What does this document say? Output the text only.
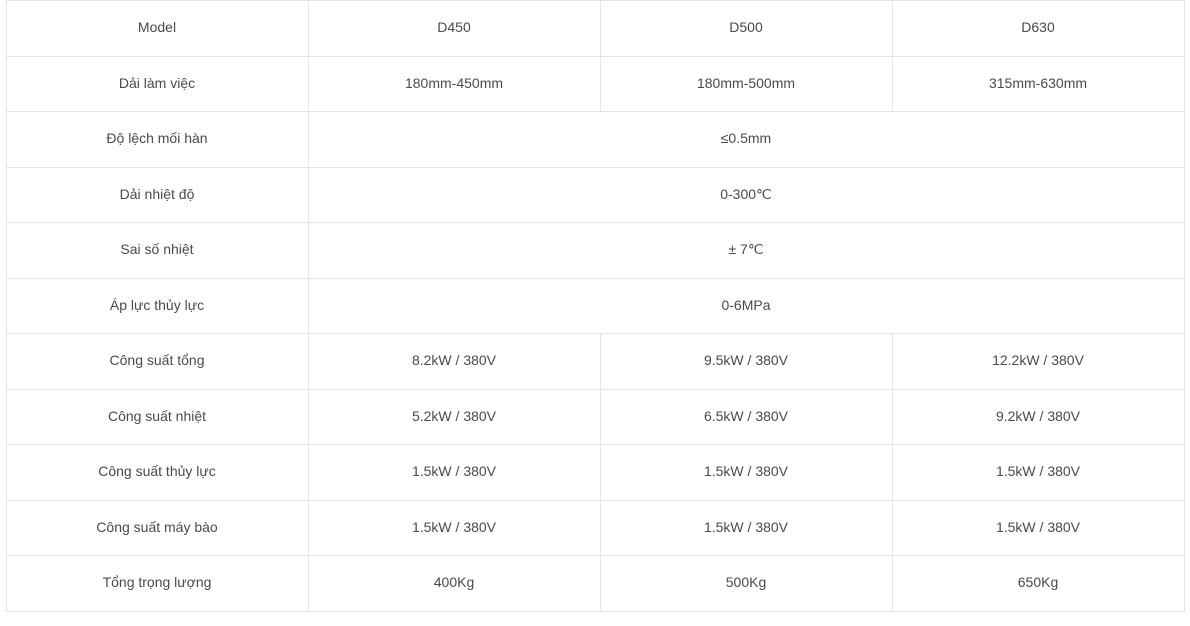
Model	D450	D500	D630
Dải làm việc	180mm-450mm	180mm-500mm	315mm-630mm
Độ lệch mối hàn	≤0.5mm		
Dải nhiệt độ	0-300℃		
Sai số nhiệt	± 7℃		
Áp lực thủy lực	0-6MPa		
Công suất tổng	8.2kW / 380V	9.5kW / 380V	12.2kW / 380V
Công suất nhiệt	5.2kW / 380V	6.5kW / 380V	9.2kW / 380V
Công suất thủy lực	1.5kW / 380V	1.5kW / 380V	1.5kW / 380V
Công suất máy bào	1.5kW / 380V	1.5kW / 380V	1.5kW / 380V
Tổng trọng lượng	400Kg	500Kg	650Kg
